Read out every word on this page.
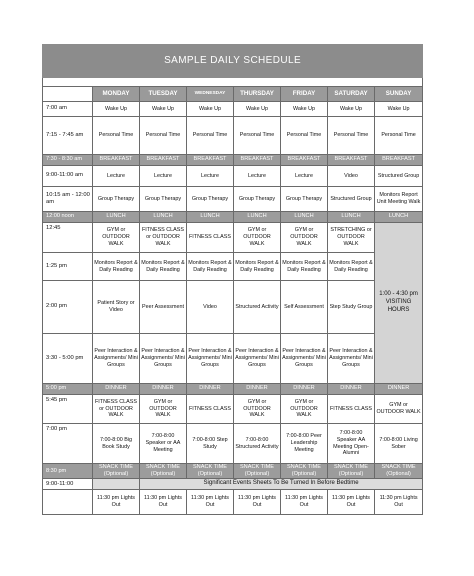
SAMPLE DAILY SCHEDULE							

	MONDAY	TUESDAY	WEDNESDAY	THURSDAY	FRIDAY	SATURDAY	SUNDAY
7:00 am	Wake Up	Wake Up	Wake Up	Wake Up	Wake Up	Wake Up	Wake Up
7:15 - 7:45 am	Personal Time	Personal Time	Personal Time	Personal Time	Personal Time	Personal Time	Personal Time
7:30 - 8:30 am	BREAKFAST	BREAKFAST	BREAKFAST	BREAKFAST	BREAKFAST	BREAKFAST	BREAKFAST
9:00-11:00 am	Lecture	Lecture	Lecture	Lecture	Lecture	Video	Structured Group
10:15 am - 12:00 am	Group Therapy	Group Therapy	Group Therapy	Group Therapy	Group Therapy	Structured Group	Monitors Report Unit Meeting Walk
12:00 noon	LUNCH	LUNCH	LUNCH	LUNCH	LUNCH	LUNCH	LUNCH
12:45	GYM or OUTDOOR WALK	FITNESS CLASS or OUTDOOR WALK	FITNESS CLASS	GYM or OUTDOOR WALK	GYM or OUTDOOR WALK	STRETCHING or OUTDOOR WALK	1:00 - 4:30 pm VISITING HOURS
1:25 pm	Monitors Report & Daily Reading	Monitors Report & Daily Reading	Monitors Report & Daily Reading	Monitors Report & Daily Reading	Monitors Report & Daily Reading	Monitors Report & Daily Reading	
2:00 pm	Patient Story or Video	Peer Assessment	Video	Structured Activity	Self Assessment	Step Study Group	
3:30 - 5:00 pm	Peer Interaction & Assignments/ Mini Groups	Peer Interaction & Assignments/ Mini Groups	Peer Interaction & Assignments/ Mini Groups	Peer Interaction & Assignments/ Mini Groups	Peer Interaction & Assignments/ Mini Groups	Peer Interaction & Assignments/ Mini Groups	
5:00 pm	DINNER	DINNER	DINNER	DINNER	DINNER	DINNER	DINNER
5:45 pm	FITNESS CLASS or OUTDOOR WALK	GYM or OUTDOOR WALK	FITNESS CLASS	GYM or OUTDOOR WALK	GYM or OUTDOOR WALK	FITNESS CLASS	GYM or OUTDOOR WALK
7:00 pm	7:00-8:00 Big Book Study	7:00-8:00 Speaker or AA Meeting	7:00-8:00 Step Study	7:00-8:00 Structured Activity	7:00-8:00 Peer Leadership Meeting	7:00-8:00 Speaker AA Meeting Open-Alumni	7:00-8:00 Living Sober
8:30 pm	SNACK TIME (Optional)	SNACK TIME (Optional)	SNACK TIME (Optional)	SNACK TIME (Optional)	SNACK TIME (Optional)	SNACK TIME (Optional)	SNACK TIME (Optional)
9:00-11:00		Significant Events Sheets To Be Turned In Before Bedtime					
	11:30 pm Lights Out	11:30 pm Lights Out	11:30 pm Lights Out	11:30 pm Lights Out	11:30 pm Lights Out	11:30 pm Lights Out	11:30 pm Lights Out
